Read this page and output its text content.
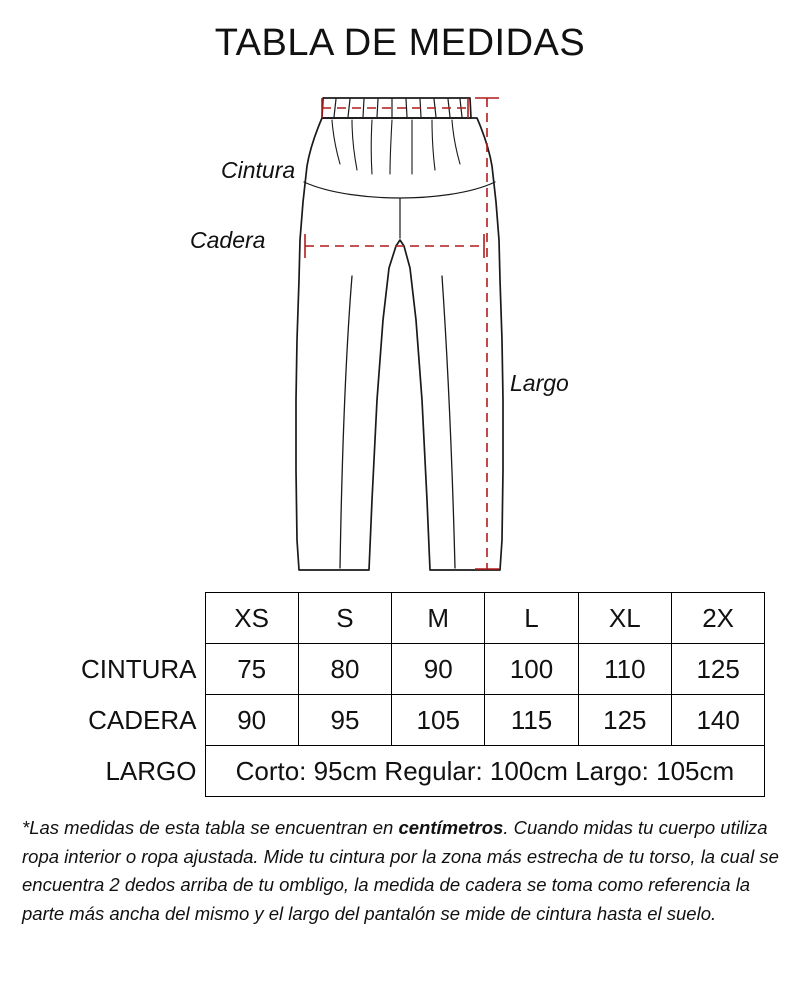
TABLA DE MEDIDAS
Cintura
Cadera
Largo
	XS	S	M	L	XL	2X
CINTURA	75	80	90	100	110	125
CADERA	90	95	105	115	125	140
LARGO	Corto: 95cm Regular: 100cm Largo: 105cm					
*Las medidas de esta tabla se encuentran en centímetros. Cuando midas tu cuerpo utiliza ropa interior o ropa ajustada. Mide tu cintura por la zona más estrecha de tu torso, la cual se encuentra 2 dedos arriba de tu ombligo, la medida de cadera se toma como referencia la parte más ancha del mismo y el largo del pantalón se mide de cintura hasta el suelo.
